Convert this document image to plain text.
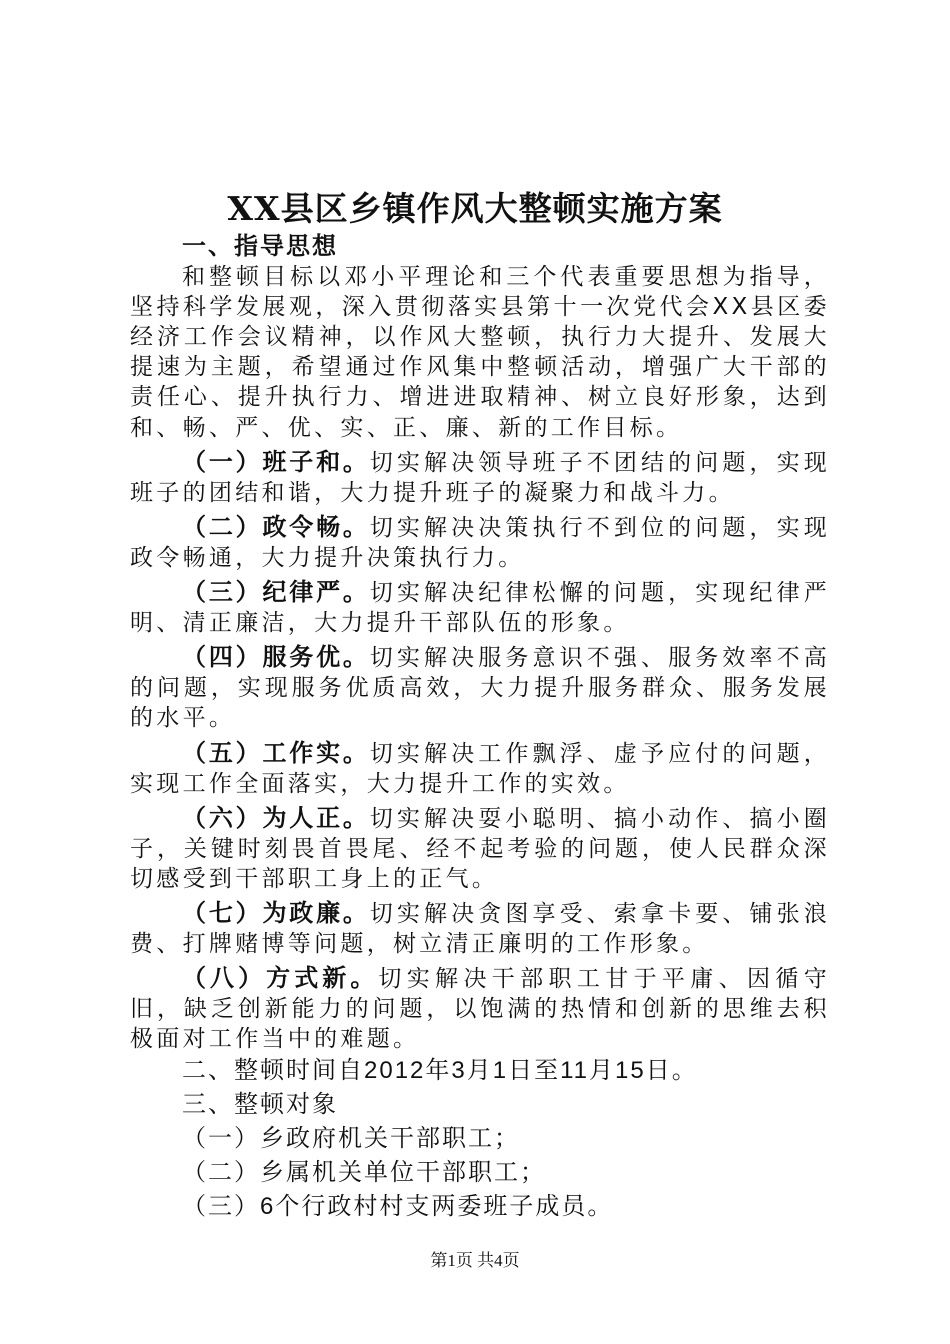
XX县区乡镇作风大整顿实施方案

一、指导思想

和整顿目标以邓小平理论和三个代表重要思想为指导，坚持科学发展观，深入贯彻落实县第十一次党代会XX县区委经济工作会议精神，以作风大整顿，执行力大提升、发展大提速为主题，希望通过作风集中整顿活动，增强广大干部的责任心、提升执行力、增进进取精神、树立良好形象，达到和、畅、严、优、实、正、廉、新的工作目标。

（一）班子和。切实解决领导班子不团结的问题，实现班子的团结和谐，大力提升班子的凝聚力和战斗力。

（二）政令畅。切实解决决策执行不到位的问题，实现政令畅通，大力提升决策执行力。

（三）纪律严。切实解决纪律松懈的问题，实现纪律严明、清正廉洁，大力提升干部队伍的形象。

（四）服务优。切实解决服务意识不强、服务效率不高的问题，实现服务优质高效，大力提升服务群众、服务发展的水平。

（五）工作实。切实解决工作飘浮、虚予应付的问题，实现工作全面落实，大力提升工作的实效。

（六）为人正。切实解决耍小聪明、搞小动作、搞小圈子，关键时刻畏首畏尾、经不起考验的问题，使人民群众深切感受到干部职工身上的正气。

（七）为政廉。切实解决贪图享受、索拿卡要、铺张浪费、打牌赌博等问题，树立清正廉明的工作形象。

（八）方式新。切实解决干部职工甘于平庸、因循守旧，缺乏创新能力的问题，以饱满的热情和创新的思维去积极面对工作当中的难题。

二、整顿时间自2012年3月1日至11月15日。

三、整顿对象

（一）乡政府机关干部职工；

（二）乡属机关单位干部职工；

（三）6个行政村村支两委班子成员。

第1页 共4页
